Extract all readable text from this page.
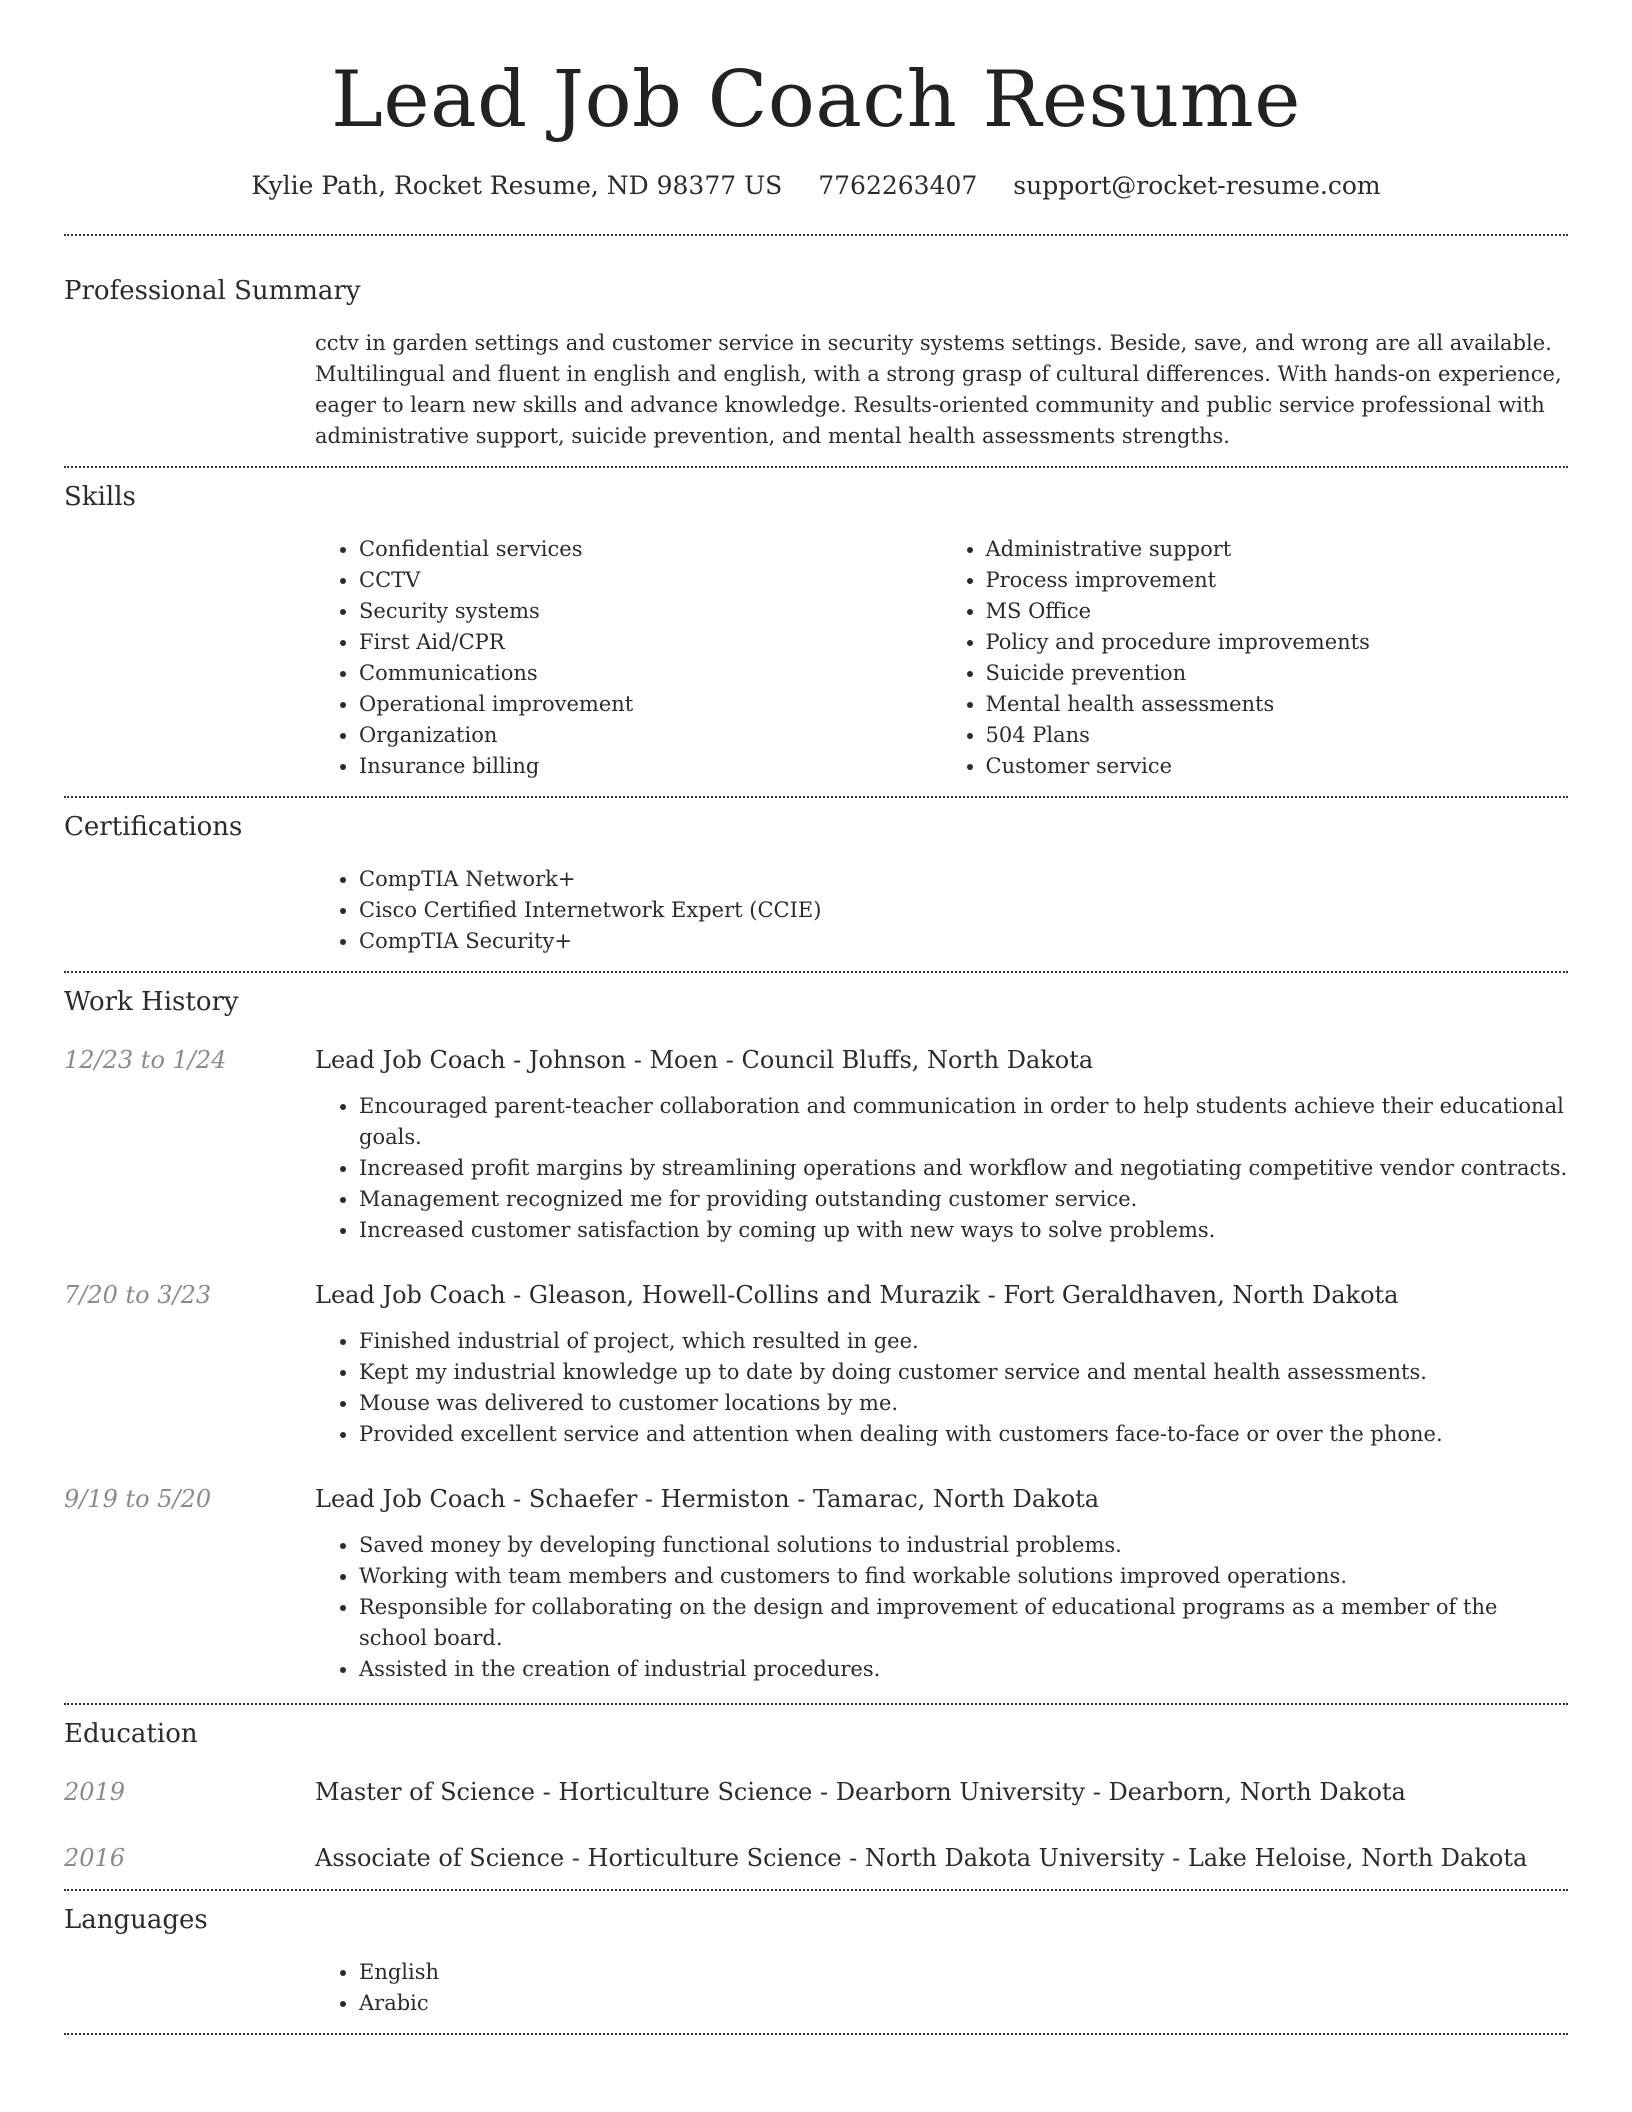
Lead Job Coach Resume
Kylie Path, Rocket Resume, ND 98377 US 7762263407 support@rocket-resume.com
Professional Summary
cctv in garden settings and customer service in security systems settings. Beside, save, and wrong are all available. Multilingual and fluent in english and english, with a strong grasp of cultural differences. With hands-on experience, eager to learn new skills and advance knowledge. Results-oriented community and public service professional with administrative support, suicide prevention, and mental health assessments strengths.
Skills
• Confidential services
• CCTV
• Security systems
• First Aid/CPR
• Communications
• Operational improvement
• Organization
• Insurance billing
• Administrative support
• Process improvement
• MS Office
• Policy and procedure improvements
• Suicide prevention
• Mental health assessments
• 504 Plans
• Customer service
Certifications
• CompTIA Network+
• Cisco Certified Internetwork Expert (CCIE)
• CompTIA Security+
Work History
12/23 to 1/24	Lead Job Coach - Johnson - Moen - Council Bluffs, North Dakota
• Encouraged parent-teacher collaboration and communication in order to help students achieve their educational goals.
• Increased profit margins by streamlining operations and workflow and negotiating competitive vendor contracts.
• Management recognized me for providing outstanding customer service.
• Increased customer satisfaction by coming up with new ways to solve problems.
7/20 to 3/23	Lead Job Coach - Gleason, Howell-Collins and Murazik - Fort Geraldhaven, North Dakota
• Finished industrial of project, which resulted in gee.
• Kept my industrial knowledge up to date by doing customer service and mental health assessments.
• Mouse was delivered to customer locations by me.
• Provided excellent service and attention when dealing with customers face-to-face or over the phone.
9/19 to 5/20	Lead Job Coach - Schaefer - Hermiston - Tamarac, North Dakota
• Saved money by developing functional solutions to industrial problems.
• Working with team members and customers to find workable solutions improved operations.
• Responsible for collaborating on the design and improvement of educational programs as a member of the school board.
• Assisted in the creation of industrial procedures.
Education
2019	Master of Science - Horticulture Science - Dearborn University - Dearborn, North Dakota
2016	Associate of Science - Horticulture Science - North Dakota University - Lake Heloise, North Dakota
Languages
• English
• Arabic
